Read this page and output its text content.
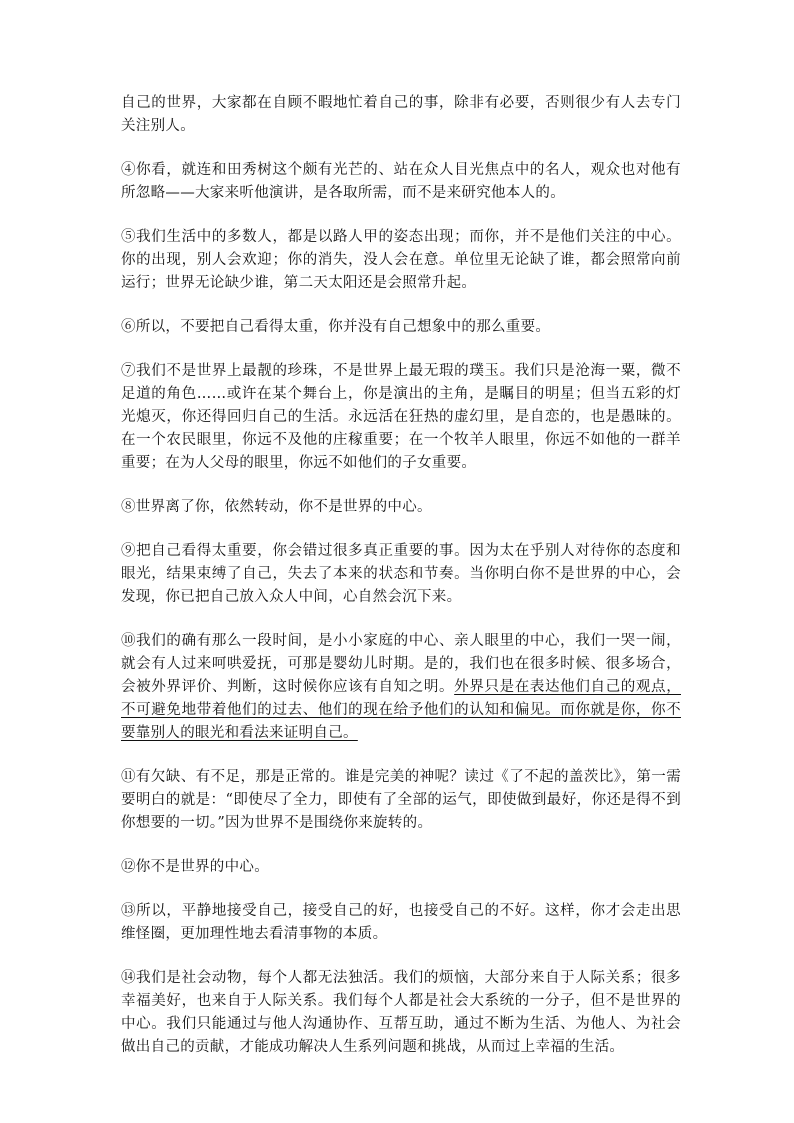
自己的世界，大家都在自顾不暇地忙着自己的事，除非有必要，否则很少有人去专门关注别人。

④你看，就连和田秀树这个颇有光芒的、站在众人目光焦点中的名人，观众也对他有所忽略——大家来听他演讲，是各取所需，而不是来研究他本人的。

⑤我们生活中的多数人，都是以路人甲的姿态出现；而你，并不是他们关注的中心。你的出现，别人会欢迎；你的消失，没人会在意。单位里无论缺了谁，都会照常向前运行；世界无论缺少谁，第二天太阳还是会照常升起。

⑥所以，不要把自己看得太重，你并没有自己想象中的那么重要。

⑦我们不是世界上最靓的珍珠，不是世界上最无瑕的璞玉。我们只是沧海一粟，微不足道的角色……或许在某个舞台上，你是演出的主角，是瞩目的明星；但当五彩的灯光熄灭，你还得回归自己的生活。永远活在狂热的虚幻里，是自恋的，也是愚昧的。在一个农民眼里，你远不及他的庄稼重要；在一个牧羊人眼里，你远不如他的一群羊重要；在为人父母的眼里，你远不如他们的子女重要。

⑧世界离了你，依然转动，你不是世界的中心。

⑨把自己看得太重要，你会错过很多真正重要的事。因为太在乎别人对待你的态度和眼光，结果束缚了自己，失去了本来的状态和节奏。当你明白你不是世界的中心，会发现，你已把自己放入众人中间，心自然会沉下来。

⑩我们的确有那么一段时间，是小小家庭的中心、亲人眼里的中心，我们一哭一闹，就会有人过来呵哄爱抚，可那是婴幼儿时期。是的，我们也在很多时候、很多场合，会被外界评价、判断，这时候你应该有自知之明。外界只是在表达他们自己的观点，不可避免地带着他们的过去、他们的现在给予他们的认知和偏见。而你就是你，你不要靠别人的眼光和看法来证明自己。

⑪有欠缺、有不足，那是正常的。谁是完美的神呢？读过《了不起的盖茨比》，第一需要明白的就是：“即使尽了全力，即使有了全部的运气，即使做到最好，你还是得不到你想要的一切。”因为世界不是围绕你来旋转的。

⑫你不是世界的中心。

⑬所以，平静地接受自己，接受自己的好，也接受自己的不好。这样，你才会走出思维怪圈，更加理性地去看清事物的本质。

⑭我们是社会动物，每个人都无法独活。我们的烦恼，大部分来自于人际关系；很多幸福美好，也来自于人际关系。我们每个人都是社会大系统的一分子，但不是世界的中心。我们只能通过与他人沟通协作、互帮互助，通过不断为生活、为他人、为社会做出自己的贡献，才能成功解决人生系列问题和挑战，从而过上幸福的生活。
